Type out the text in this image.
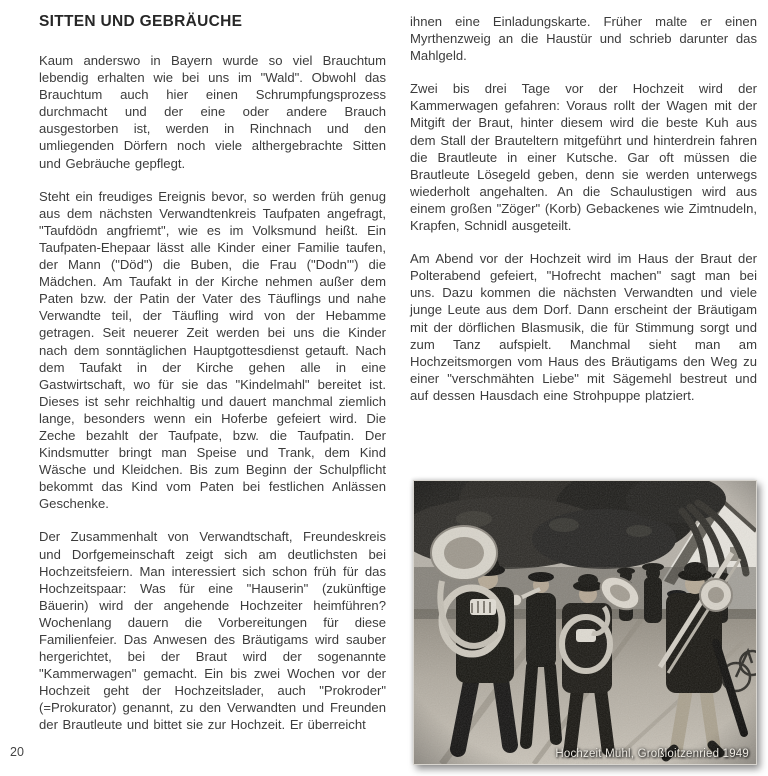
SITTEN UND GEBRÄUCHE

Kaum anderswo in Bayern wurde so viel Brauchtum lebendig erhalten wie bei uns im "Wald". Obwohl das Brauchtum auch hier einen Schrumpfungsprozess durchmacht und der eine oder andere Brauch ausgestorben ist, werden in Rinchnach und den umliegenden Dörfern noch viele althergebrachte Sitten und Gebräuche gepflegt.

Steht ein freudiges Ereignis bevor, so werden früh genug aus dem nächsten Verwandtenkreis Taufpaten angefragt, "Taufdödn angfriemt", wie es im Volksmund heißt. Ein Taufpaten-Ehepaar lässt alle Kinder einer Familie taufen, der Mann ("Död") die Buben, die Frau ("Dodn'") die Mädchen. Am Taufakt in der Kirche nehmen außer dem Paten bzw. der Patin der Vater des Täuflings und nahe Verwandte teil, der Täufling wird von der Hebamme getragen. Seit neuerer Zeit werden bei uns die Kinder nach dem sonntäglichen Hauptgottesdienst getauft. Nach dem Taufakt in der Kirche gehen alle in eine Gastwirtschaft, wo für sie das "Kindelmahl" bereitet ist. Dieses ist sehr reichhaltig und dauert manchmal ziemlich lange, besonders wenn ein Hoferbe gefeiert wird. Die Zeche bezahlt der Taufpate, bzw. die Taufpatin. Der Kindsmutter bringt man Speise und Trank, dem Kind Wäsche und Kleidchen. Bis zum Beginn der Schulpflicht bekommt das Kind vom Paten bei festlichen Anlässen Geschenke.

Der Zusammenhalt von Verwandtschaft, Freundeskreis und Dorfgemeinschaft zeigt sich am deutlichsten bei Hochzeitsfeiern. Man interessiert sich schon früh für das Hochzeitspaar: Was für eine "Hauserin" (zukünftige Bäuerin) wird der angehende Hochzeiter heimführen? Wochenlang dauern die Vorbereitungen für diese Familienfeier. Das Anwesen des Bräutigams wird sauber hergerichtet, bei der Braut wird der sogenannte "Kammerwagen" gemacht. Ein bis zwei Wochen vor der Hochzeit geht der Hochzeitslader, auch "Prokroder" (=Prokurator) genannt, zu den Verwandten und Freunden der Brautleute und bittet sie zur Hochzeit. Er überreicht

ihnen eine Einladungskarte. Früher malte er einen Myrthenzweig an die Haustür und schrieb darunter das Mahlgeld.

Zwei bis drei Tage vor der Hochzeit wird der Kammerwagen gefahren: Voraus rollt der Wagen mit der Mitgift der Braut, hinter diesem wird die beste Kuh aus dem Stall der Brauteltern mitgeführt und hinterdrein fahren die Brautleute in einer Kutsche. Gar oft müssen die Brautleute Lösegeld geben, denn sie werden unterwegs wiederholt angehalten. An die Schaulustigen wird aus einem großen "Zöger" (Korb) Gebackenes wie Zimtnudeln, Krapfen, Schnidl ausgeteilt.

Am Abend vor der Hochzeit wird im Haus der Braut der Polterabend gefeiert, "Hofrecht machen" sagt man bei uns. Dazu kommen die nächsten Verwandten und viele junge Leute aus dem Dorf. Dann erscheint der Bräutigam mit der dörflichen Blasmusik, die für Stimmung sorgt und zum Tanz aufspielt. Manchmal sieht man am Hochzeitsmorgen vom Haus des Bräutigams den Weg zu einer "verschmähten Liebe" mit Sägemehl bestreut und auf dessen Hausdach eine Strohpuppe platziert.

Hochzeit Mühl, Großloitzenried 1949
20
